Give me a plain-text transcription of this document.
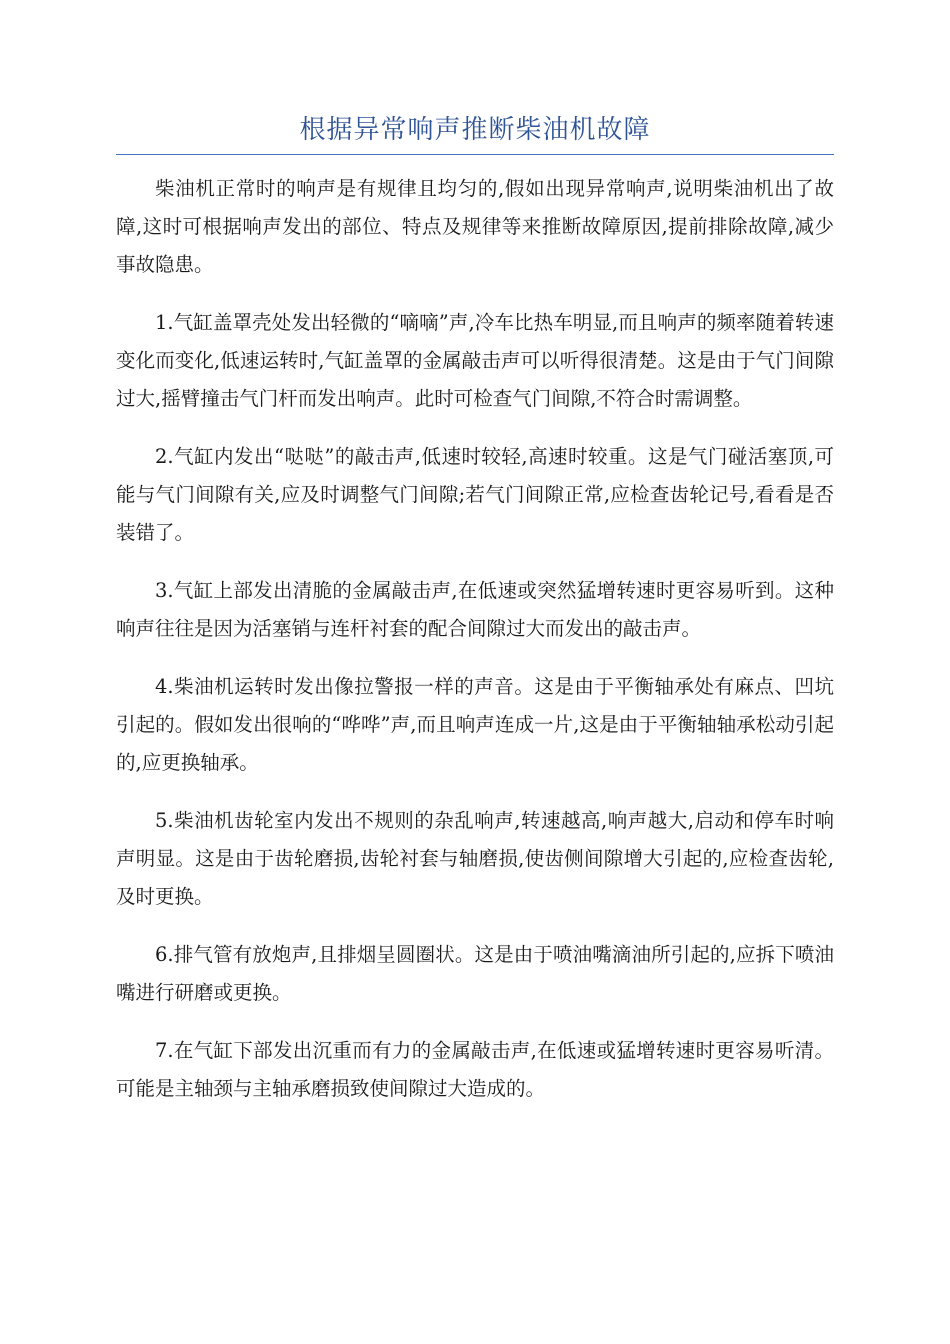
根据异常响声推断柴油机故障

柴油机正常时的响声是有规律且均匀的,假如出现异常响声,说明柴油机出了故障,这时可根据响声发出的部位、特点及规律等来推断故障原因,提前排除故障,减少事故隐患。

1.气缸盖罩壳处发出轻微的“嘀嘀”声,冷车比热车明显,而且响声的频率随着转速变化而变化,低速运转时,气缸盖罩的金属敲击声可以听得很清楚。这是由于气门间隙过大,摇臂撞击气门杆而发出响声。此时可检查气门间隙,不符合时需调整。

2.气缸内发出“哒哒”的敲击声,低速时较轻,高速时较重。这是气门碰活塞顶,可能与气门间隙有关,应及时调整气门间隙;若气门间隙正常,应检查齿轮记号,看看是否装错了。

3.气缸上部发出清脆的金属敲击声,在低速或突然猛增转速时更容易听到。这种响声往往是因为活塞销与连杆衬套的配合间隙过大而发出的敲击声。

4.柴油机运转时发出像拉警报一样的声音。这是由于平衡轴承处有麻点、凹坑引起的。假如发出很响的“哗哗”声,而且响声连成一片,这是由于平衡轴轴承松动引起的,应更换轴承。

5.柴油机齿轮室内发出不规则的杂乱响声,转速越高,响声越大,启动和停车时响声明显。这是由于齿轮磨损,齿轮衬套与轴磨损,使齿侧间隙增大引起的,应检查齿轮,及时更换。

6.排气管有放炮声,且排烟呈圆圈状。这是由于喷油嘴滴油所引起的,应拆下喷油嘴进行研磨或更换。

7.在气缸下部发出沉重而有力的金属敲击声,在低速或猛增转速时更容易听清。可能是主轴颈与主轴承磨损致使间隙过大造成的。
